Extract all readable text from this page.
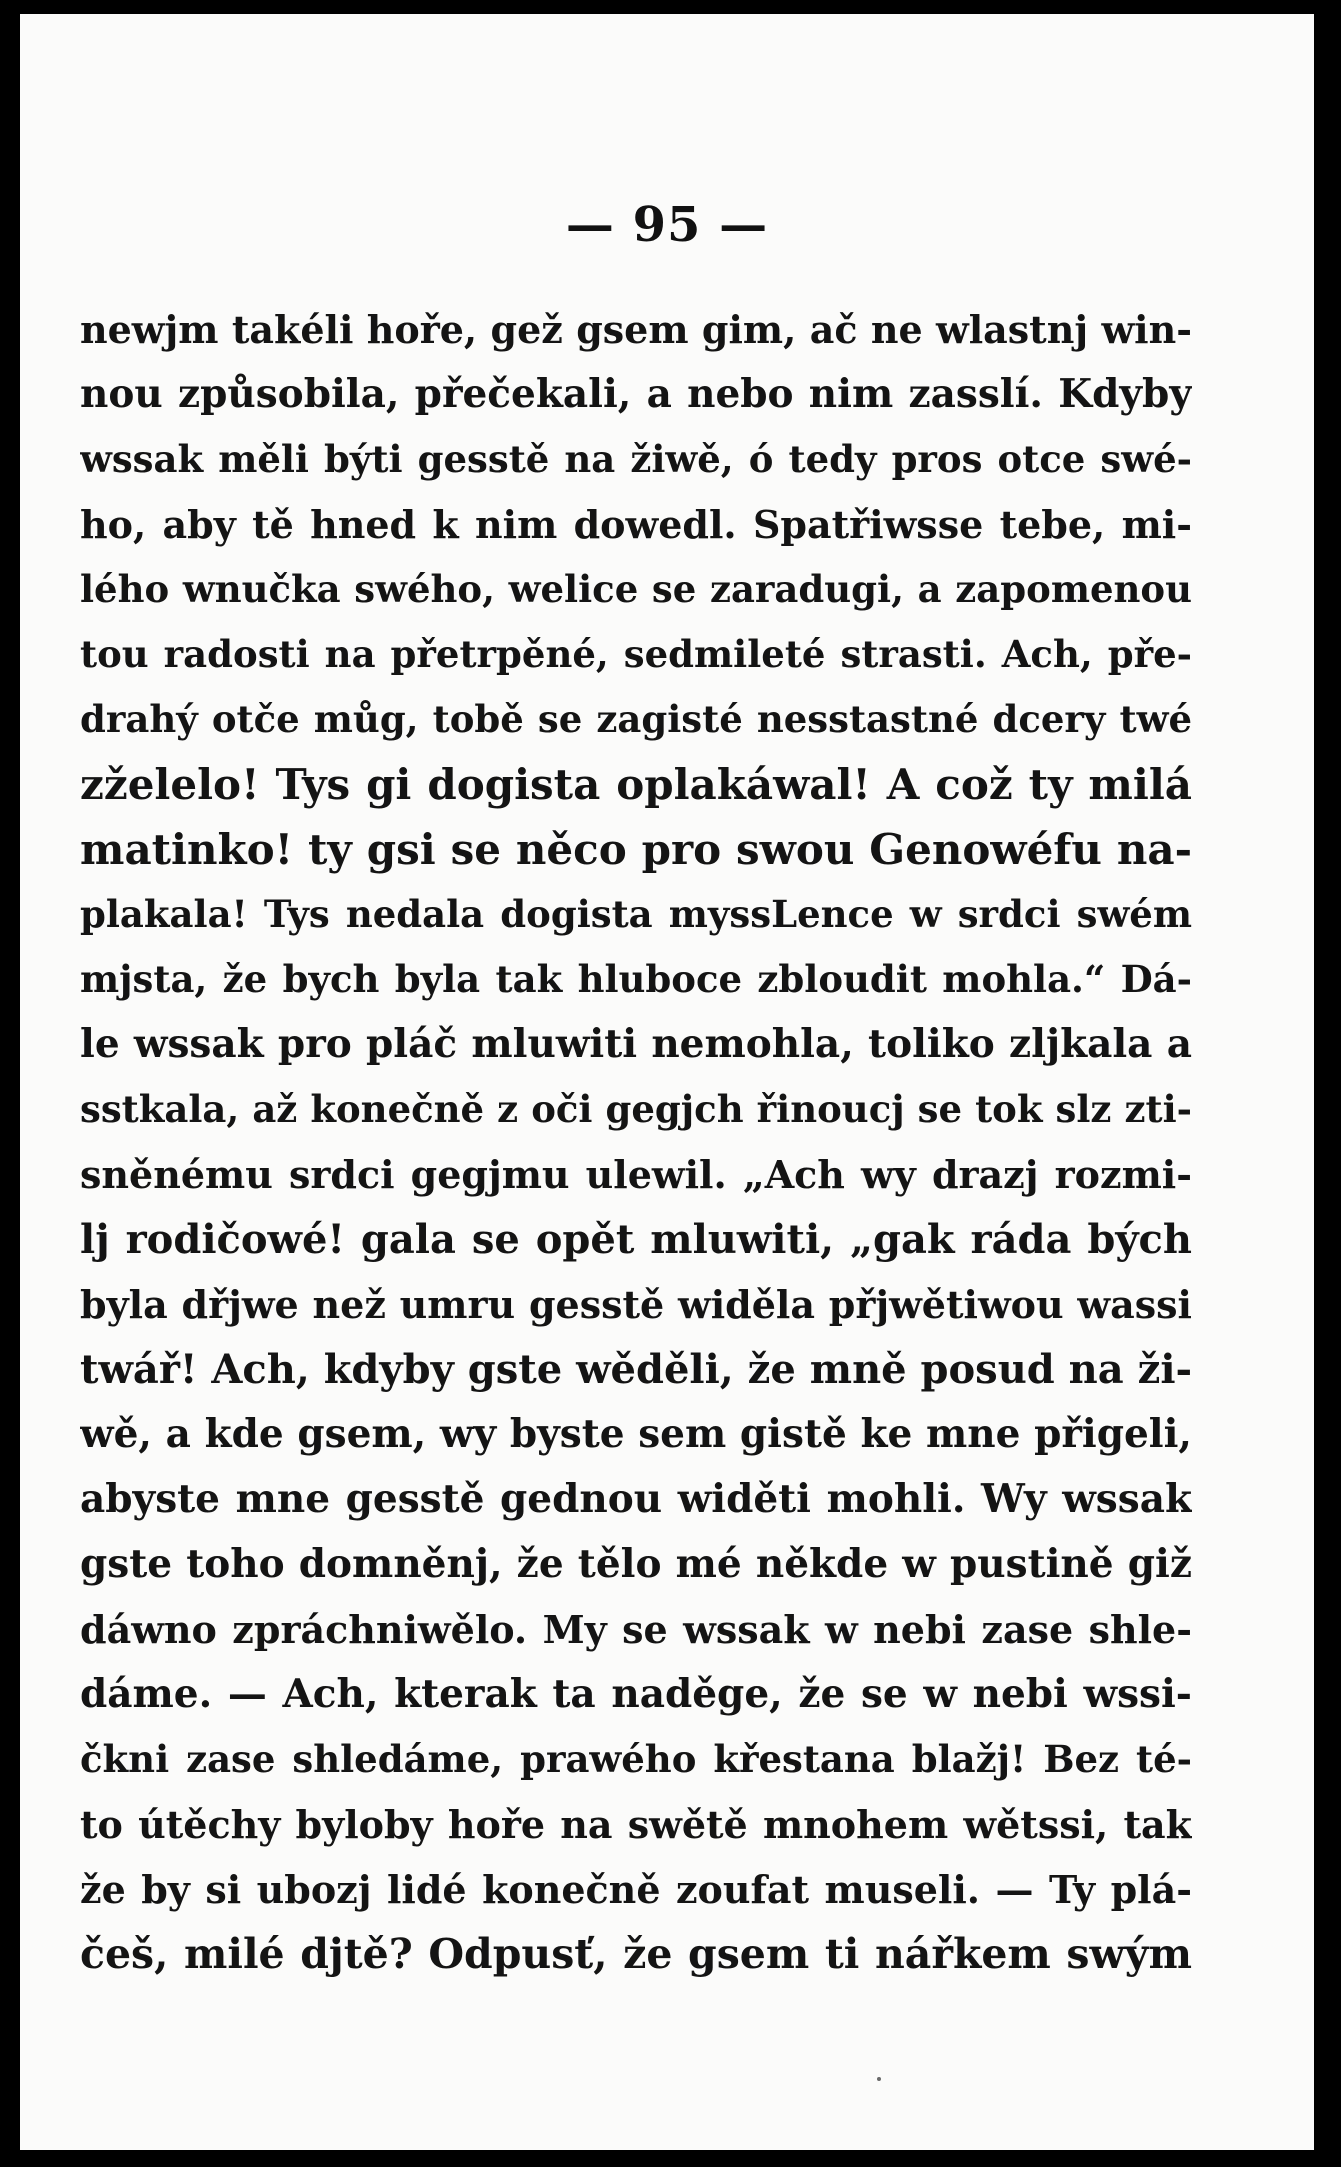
— 95 —
newjm takéli hoře, gež gsem gim, ač ne wlastnj win-
nou způsobila, přečekali, a nebo nim zasslí. Kdyby
wssak měli býti gesstě na žiwě, ó tedy pros otce swé-
ho, aby tě hned k nim dowedl. Spatřiwsse tebe, mi-
lého wnučka swého, welice se zaradugi, a zapomenou
tou radosti na přetrpěné, sedmileté strasti. Ach, pře-
drahý otče můg, tobě se zagisté nesstastné dcery twé
zželelo! Tys gi dogista oplakáwal! A což ty milá
matinko! ty gsi se něco pro swou Genowéfu na-
plakala! Tys nedala dogista myssLence w srdci swém
mjsta, že bych byla tak hluboce zbloudit mohla.“ Dá-
le wssak pro pláč mluwiti nemohla, toliko zljkala a
sstkala, až konečně z oči gegjch řinoucj se tok slz zti-
sněnému srdci gegjmu ulewil. „Ach wy drazj rozmi-
lj rodičowé! gala se opět mluwiti, „gak ráda bých
byla dřjwe než umru gesstě widěla přjwětiwou wassi
twář! Ach, kdyby gste wěděli, že mně posud na ži-
wě, a kde gsem, wy byste sem gistě ke mne přigeli,
abyste mne gesstě gednou widěti mohli. Wy wssak
gste toho domněnj, že tělo mé někde w pustině giž
dáwno zpráchniwělo. My se wssak w nebi zase shle-
dáme. — Ach, kterak ta naděge, že se w nebi wssi-
čkni zase shledáme, prawého křestana blažj! Bez té-
to útěchy byloby hoře na swětě mnohem wětssi, tak
že by si ubozj lidé konečně zoufat museli. — Ty plá-
češ, milé djtě? Odpusť, že gsem ti nářkem swým
